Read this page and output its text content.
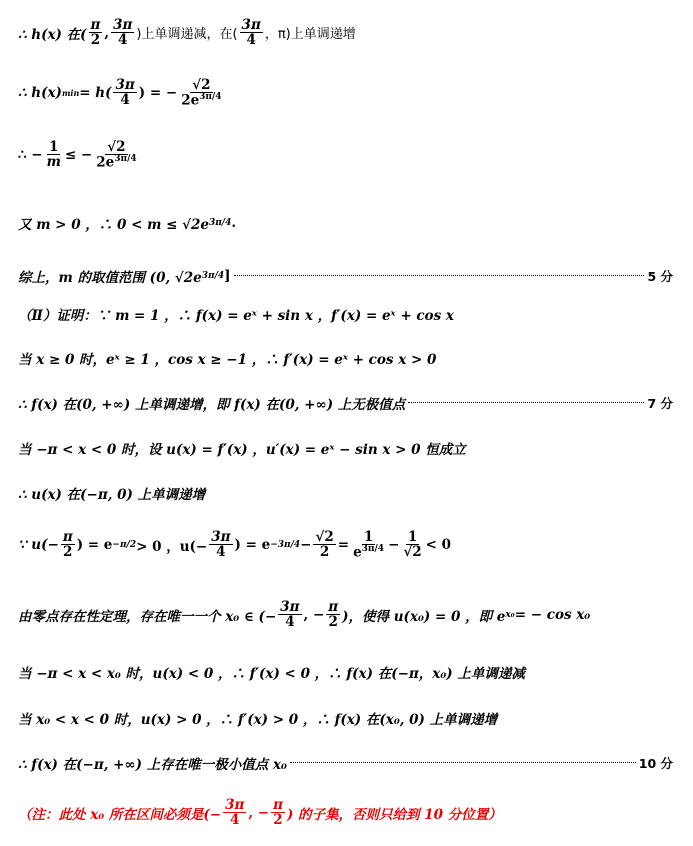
∴ h(x) 在( $\frac{\pi}{2}$ , $\frac{3\pi}{4}$ )上单调递减，在( $\frac{3\pi}{4}$ ，π)上单调递增
∴ h(x) $\min = h( \frac{3\pi}{4}$ ) = − $\frac{√2}{2e^{3\pi/4}}$
∴ − $\frac{1}{m}$ ≤ − $\frac{√2}{2e^{3\pi/4}}$
又 m > 0 ，∴ 0 < m ≤ √2e 3π/4 .
综上，m 的取值范围 (0, √2e 3π/4 ]	5 分
（Ⅱ）证明：∵ m = 1 ，∴ f(x) = eˣ + sin x ，f′(x) = eˣ + cos x
当 x ≥ 0 时，eˣ ≥ 1 ，cos x ≥ −1 ，∴ f′(x) = eˣ + cos x > 0
∴ f(x) 在(0, +∞) 上单调递增，即 f(x) 在(0, +∞) 上无极值点	7 分
当 −π < x < 0 时，设 u(x) = f′(x) ，u′(x) = eˣ − sin x > 0 恒成立
∴ u(x) 在(−π, 0) 上单调递增
∵ $u(- \frac{\pi}{2}$ ) = e −π/2 > 0 ，$u(- \frac{3\pi}{4}$ ) = $e -3\pi/4 - \frac{√2}{2} = \frac{1}{e^{3\pi/4}} - \frac{1}{√2} < 0$
由零点存在性定理，存在唯一一个 x₀ ∈ (− $\frac{3\pi}{4}$ , − $\frac{\pi}{2}$ )，使得 u(x₀) = 0 ，即 e x₀ = − cos x₀
当 −π < x < x₀ 时，u(x) < 0 ，∴ f′(x) < 0 ，∴ f(x) 在(−π，x₀) 上单调递减
当 x₀ < x < 0 时，u(x) > 0 ，∴ f′(x) > 0 ，∴ f(x) 在(x₀, 0) 上单调递增
∴ f(x) 在(−π, +∞) 上存在唯一极小值点 x₀	10 分
（注：此处 x₀ 所在区间必须是(− $\frac{3\pi}{4}$ , − $\frac{\pi}{2}$ ) 的子集，否则只给到 10 分位置）
